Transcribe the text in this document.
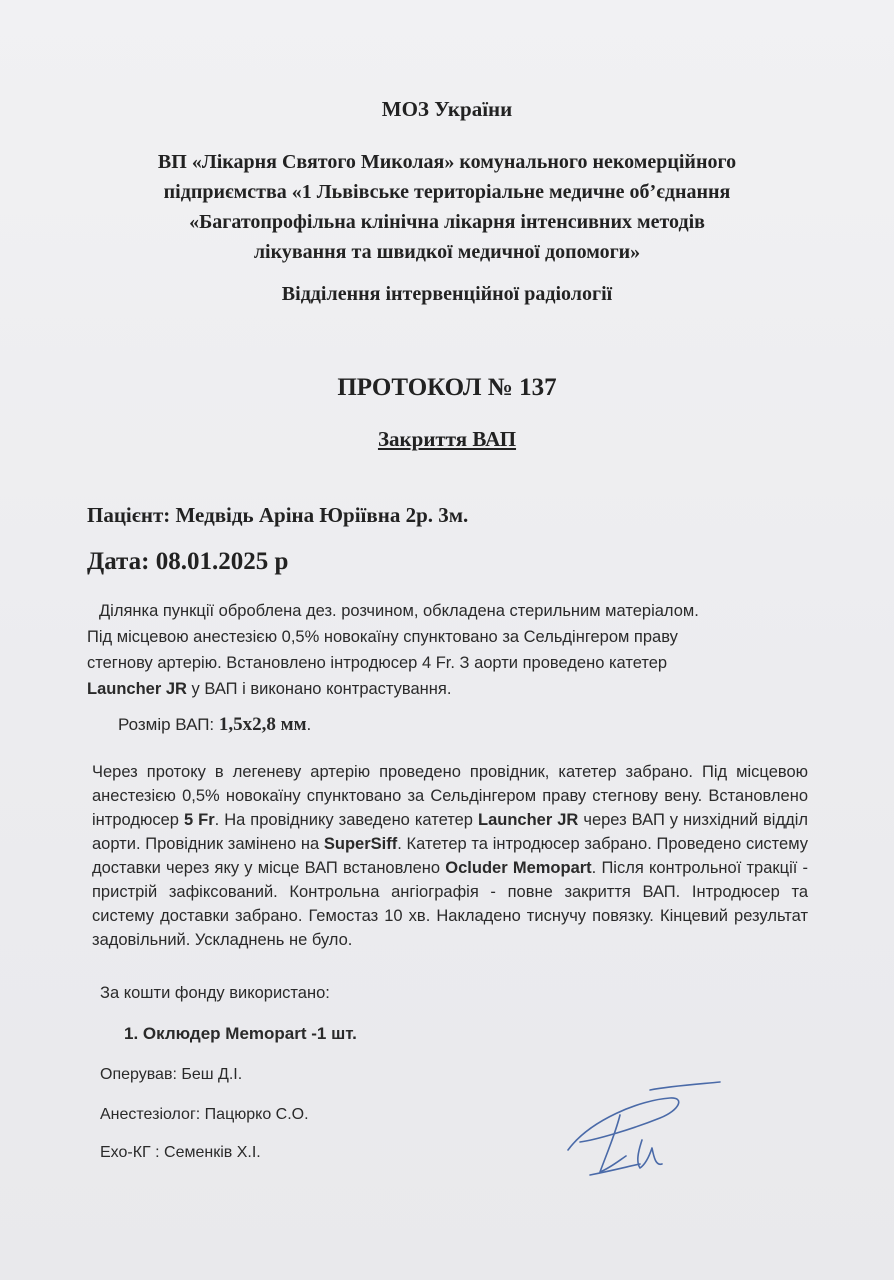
МОЗ України
ВП «Лікарня Святого Миколая» комунального некомерційного
підприємства «1 Львівське територіальне медичне об’єднання
«Багатопрофільна клінічна лікарня інтенсивних методів
лікування та швидкої медичної допомоги»
Відділення інтервенційної радіології
ПРОТОКОЛ № 137
Закриття ВАП
Пацієнт: Медвідь Аріна Юріївна 2р. 3м.
Дата: 08.01.2025 р
Ділянка пункції оброблена дез. розчином, обкладена стерильним матеріалом.
Під місцевою анестезією 0,5% новокаїну спунктовано за Сельдінгером праву
стегнову артерію. Встановлено інтродюсер 4 Fr. З аорти проведено катетер
Launcher JR у ВАП і виконано контрастування.
Розмір ВАП: 1,5х2,8 мм.
Через протоку в легеневу артерію проведено провідник, катетер забрано. Під місцевою анестезією 0,5% новокаїну спунктовано за Сельдінгером праву стегнову вену. Встановлено інтродюсер 5 Fr. На провіднику заведено катетер Launcher JR через ВАП у низхідний відділ аорти. Провідник замінено на SuperSiff. Катетер та інтродюсер забрано. Проведено систему доставки через яку у місце ВАП встановлено Ocluder Memopart. Після контрольної тракції - пристрій зафіксований. Контрольна ангіографія - повне закриття ВАП. Інтродюсер та систему доставки забрано. Гемостаз 10 хв. Накладено тиснучу повязку. Кінцевий результат задовільний. Ускладнень не було.
За кошти фонду використано:
1. Оклюдер Memopart -1 шт.
Оперував: Беш Д.І.
Анестезіолог: Пацюрко С.О.
Ехо-КГ : Семенків Х.І.
